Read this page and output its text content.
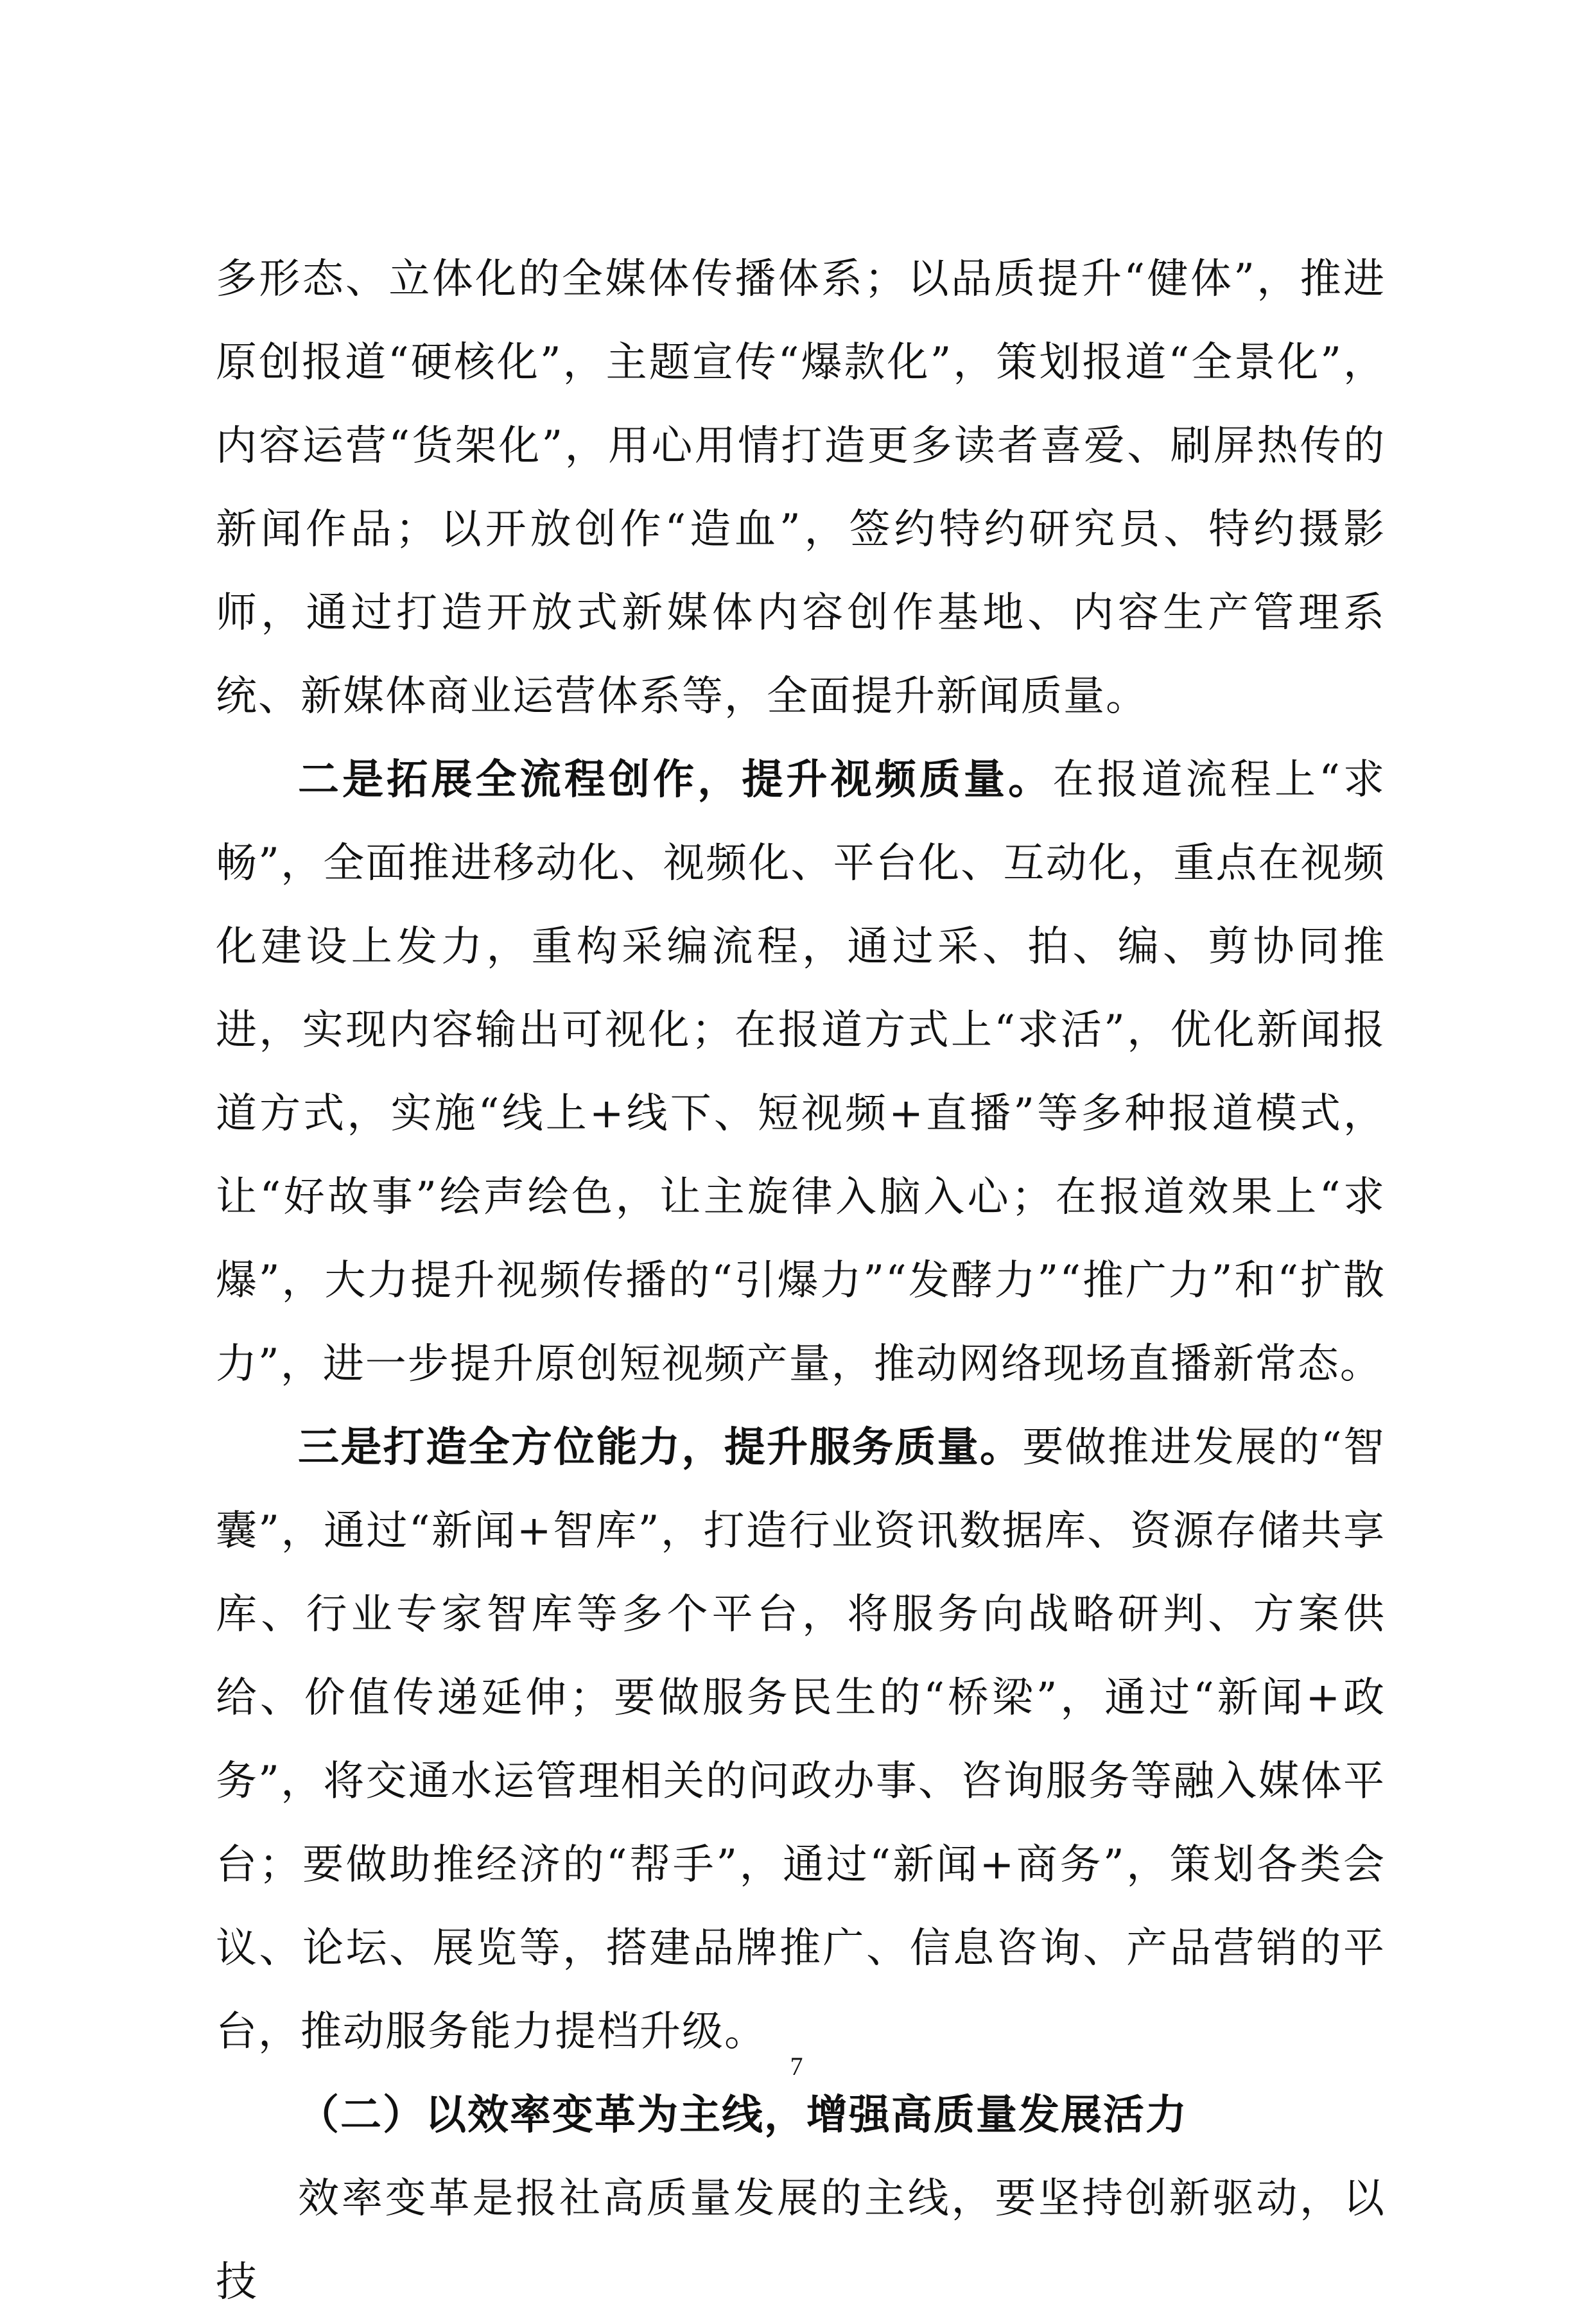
多形态、立体化的全媒体传播体系；以品质提升“健体”，推进原创报道“硬核化”，主题宣传“爆款化”，策划报道“全景化”，内容运营“货架化”，用心用情打造更多读者喜爱、刷屏热传的新闻作品；以开放创作“造血”，签约特约研究员、特约摄影师，通过打造开放式新媒体内容创作基地、内容生产管理系统、新媒体商业运营体系等，全面提升新闻质量。

二是拓展全流程创作，提升视频质量。在报道流程上“求畅”，全面推进移动化、视频化、平台化、互动化，重点在视频化建设上发力，重构采编流程，通过采、拍、编、剪协同推进，实现内容输出可视化；在报道方式上“求活”，优化新闻报道方式，实施“线上+线下、短视频+直播”等多种报道模式，让“好故事”绘声绘色，让主旋律入脑入心；在报道效果上“求爆”，大力提升视频传播的“引爆力”“发酵力”“推广力”和“扩散力”，进一步提升原创短视频产量，推动网络现场直播新常态。

三是打造全方位能力，提升服务质量。要做推进发展的“智囊”，通过“新闻+智库”，打造行业资讯数据库、资源存储共享库、行业专家智库等多个平台，将服务向战略研判、方案供给、价值传递延伸；要做服务民生的“桥梁”，通过“新闻+政务”，将交通水运管理相关的问政办事、咨询服务等融入媒体平台；要做助推经济的“帮手”，通过“新闻+商务”，策划各类会议、论坛、展览等，搭建品牌推广、信息咨询、产品营销的平台，推动服务能力提档升级。

（二）以效率变革为主线，增强高质量发展活力

效率变革是报社高质量发展的主线，要坚持创新驱动，以技

7
